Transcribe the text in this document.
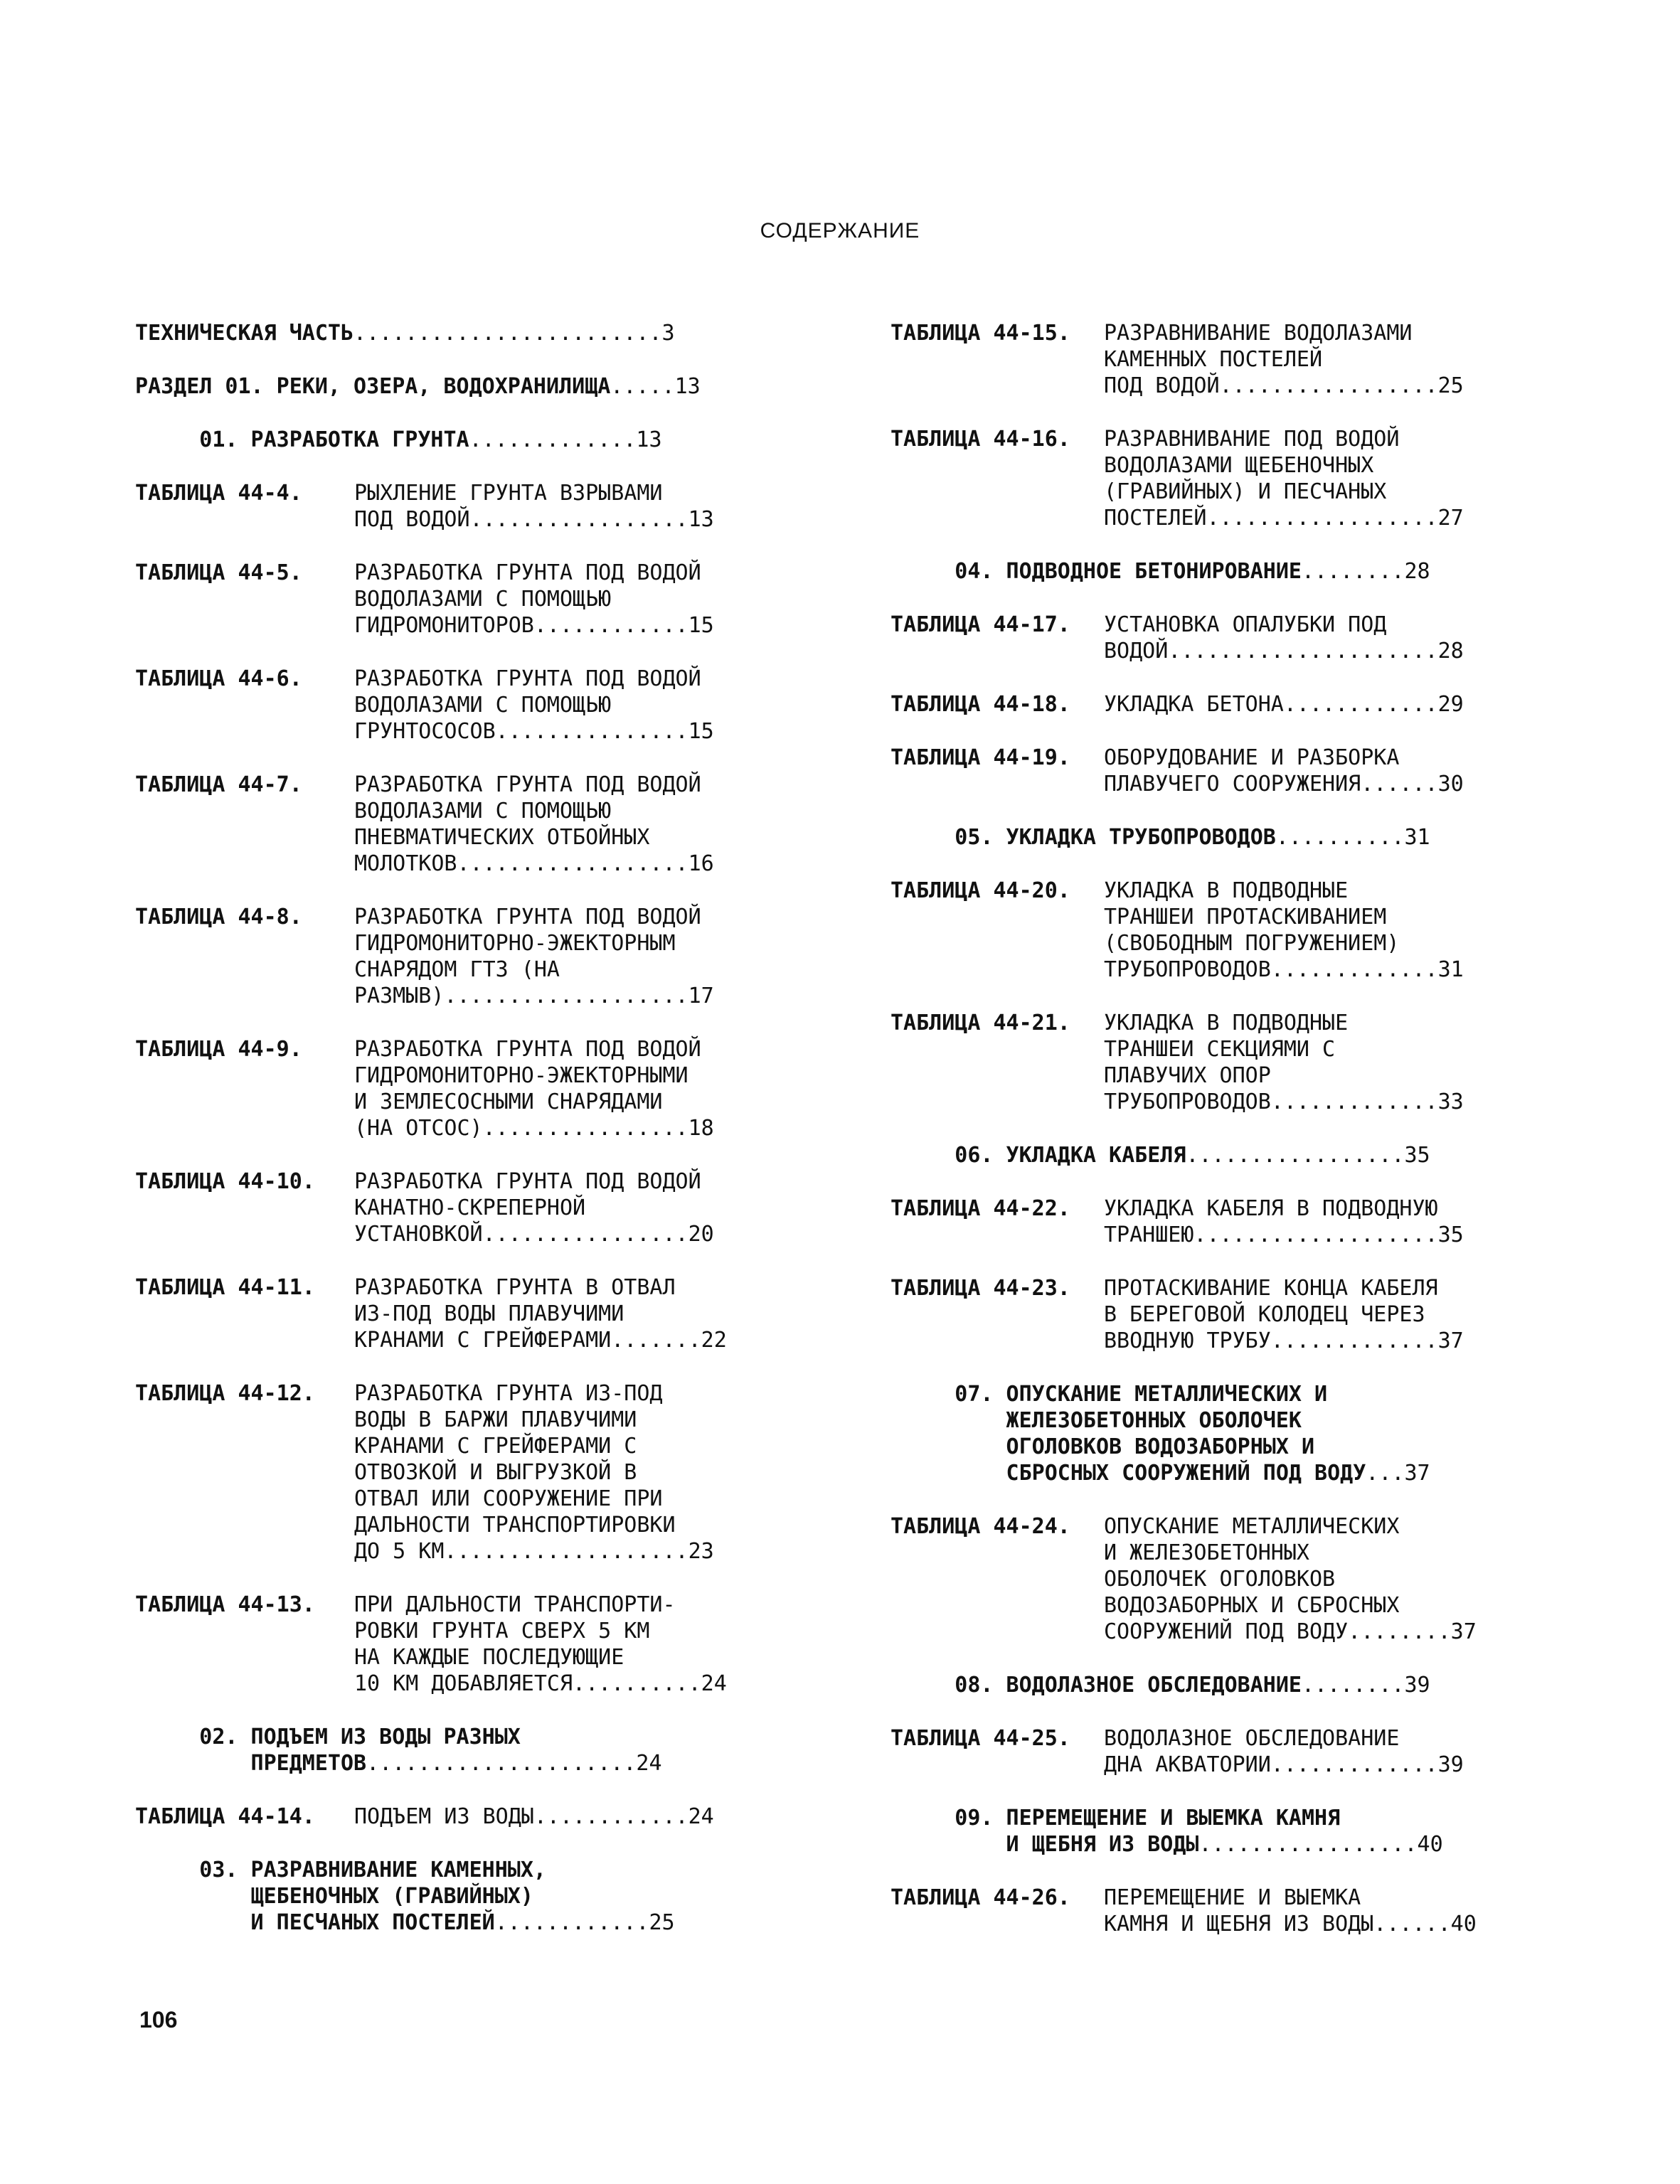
СОДЕРЖАНИЕ
ТЕХНИЧЕСКАЯ ЧАСТЬ........................3
РАЗДЕЛ 01. РЕКИ, ОЗЕРА, ВОДОХРАНИЛИЩА.....13
01. РАЗРАБОТКА ГРУНТА.............13
ТАБЛИЦА 44-4.	РЫХЛЕНИЕ ГРУНТА ВЗРЫВАМИ
ПОД ВОДОЙ.................13
ТАБЛИЦА 44-5.	РАЗРАБОТКА ГРУНТА ПОД ВОДОЙ
ВОДОЛАЗАМИ С ПОМОЩЬЮ
ГИДРОМОНИТОРОВ............15
ТАБЛИЦА 44-6.	РАЗРАБОТКА ГРУНТА ПОД ВОДОЙ
ВОДОЛАЗАМИ С ПОМОЩЬЮ
ГРУНТОСОСОВ...............15
ТАБЛИЦА 44-7.	РАЗРАБОТКА ГРУНТА ПОД ВОДОЙ
ВОДОЛАЗАМИ С ПОМОЩЬЮ
ПНЕВМАТИЧЕСКИХ ОТБОЙНЫХ
МОЛОТКОВ..................16
ТАБЛИЦА 44-8.	РАЗРАБОТКА ГРУНТА ПОД ВОДОЙ
ГИДРОМОНИТОРНО-ЭЖЕКТОРНЫМ
СНАРЯДОМ ГТЗ (НА
РАЗМЫВ)...................17
ТАБЛИЦА 44-9.	РАЗРАБОТКА ГРУНТА ПОД ВОДОЙ
ГИДРОМОНИТОРНО-ЭЖЕКТОРНЫМИ
И ЗЕМЛЕСОСНЫМИ СНАРЯДАМИ
(НА ОТСОС)................18
ТАБЛИЦА 44-10.	РАЗРАБОТКА ГРУНТА ПОД ВОДОЙ
КАНАТНО-СКРЕПЕРНОЙ
УСТАНОВКОЙ................20
ТАБЛИЦА 44-11.	РАЗРАБОТКА ГРУНТА В ОТВАЛ
ИЗ-ПОД ВОДЫ ПЛАВУЧИМИ
КРАНАМИ С ГРЕЙФЕРАМИ.......22
ТАБЛИЦА 44-12.	РАЗРАБОТКА ГРУНТА ИЗ-ПОД
ВОДЫ В БАРЖИ ПЛАВУЧИМИ
КРАНАМИ С ГРЕЙФЕРАМИ С
ОТВОЗКОЙ И ВЫГРУЗКОЙ В
ОТВАЛ ИЛИ СООРУЖЕНИЕ ПРИ
ДАЛЬНОСТИ ТРАНСПОРТИРОВКИ
ДО 5 КМ...................23
ТАБЛИЦА 44-13.	ПРИ ДАЛЬНОСТИ ТРАНСПОРТИ-
РОВКИ ГРУНТА СВЕРХ 5 КМ
НА КАЖДЫЕ ПОСЛЕДУЮЩИЕ
10 КМ ДОБАВЛЯЕТСЯ..........24
02. ПОДЪЕМ ИЗ ВОДЫ РАЗНЫХ
ПРЕДМЕТОВ.....................24
ТАБЛИЦА 44-14.	ПОДЪЕМ ИЗ ВОДЫ............24
03. РАЗРАВНИВАНИЕ КАМЕННЫХ,
ЩЕБЕНОЧНЫХ (ГРАВИЙНЫХ)
И ПЕСЧАНЫХ ПОСТЕЛЕЙ............25
ТАБЛИЦА 44-15.	РАЗРАВНИВАНИЕ ВОДОЛАЗАМИ
КАМЕННЫХ ПОСТЕЛЕЙ
ПОД ВОДОЙ.................25
ТАБЛИЦА 44-16.	РАЗРАВНИВАНИЕ ПОД ВОДОЙ
ВОДОЛАЗАМИ ЩЕБЕНОЧНЫХ
(ГРАВИЙНЫХ) И ПЕСЧАНЫХ
ПОСТЕЛЕЙ..................27
04. ПОДВОДНОЕ БЕТОНИРОВАНИЕ........28
ТАБЛИЦА 44-17.	УСТАНОВКА ОПАЛУБКИ ПОД
ВОДОЙ.....................28
ТАБЛИЦА 44-18.	УКЛАДКА БЕТОНА............29
ТАБЛИЦА 44-19.	ОБОРУДОВАНИЕ И РАЗБОРКА
ПЛАВУЧЕГО СООРУЖЕНИЯ......30
05. УКЛАДКА ТРУБОПРОВОДОВ..........31
ТАБЛИЦА 44-20.	УКЛАДКА В ПОДВОДНЫЕ
ТРАНШЕИ ПРОТАСКИВАНИЕМ
(СВОБОДНЫМ ПОГРУЖЕНИЕМ)
ТРУБОПРОВОДОВ.............31
ТАБЛИЦА 44-21.	УКЛАДКА В ПОДВОДНЫЕ
ТРАНШЕИ СЕКЦИЯМИ С
ПЛАВУЧИХ ОПОР
ТРУБОПРОВОДОВ.............33
06. УКЛАДКА КАБЕЛЯ.................35
ТАБЛИЦА 44-22.	УКЛАДКА КАБЕЛЯ В ПОДВОДНУЮ
ТРАНШЕЮ...................35
ТАБЛИЦА 44-23.	ПРОТАСКИВАНИЕ КОНЦА КАБЕЛЯ
В БЕРЕГОВОЙ КОЛОДЕЦ ЧЕРЕЗ
ВВОДНУЮ ТРУБУ.............37
07. ОПУСКАНИЕ МЕТАЛЛИЧЕСКИХ И
ЖЕЛЕЗОБЕТОННЫХ ОБОЛОЧЕК
ОГОЛОВКОВ ВОДОЗАБОРНЫХ И
СБРОСНЫХ СООРУЖЕНИЙ ПОД ВОДУ...37
ТАБЛИЦА 44-24.	ОПУСКАНИЕ МЕТАЛЛИЧЕСКИХ
И ЖЕЛЕЗОБЕТОННЫХ
ОБОЛОЧЕК ОГОЛОВКОВ
ВОДОЗАБОРНЫХ И СБРОСНЫХ
СООРУЖЕНИЙ ПОД ВОДУ........37
08. ВОДОЛАЗНОЕ ОБСЛЕДОВАНИЕ........39
ТАБЛИЦА 44-25.	ВОДОЛАЗНОЕ ОБСЛЕДОВАНИЕ
ДНА АКВАТОРИИ.............39
09. ПЕРЕМЕЩЕНИЕ И ВЫЕМКА КАМНЯ
И ЩЕБНЯ ИЗ ВОДЫ.................40
ТАБЛИЦА 44-26.	ПЕРЕМЕЩЕНИЕ И ВЫЕМКА
КАМНЯ И ЩЕБНЯ ИЗ ВОДЫ......40
106
